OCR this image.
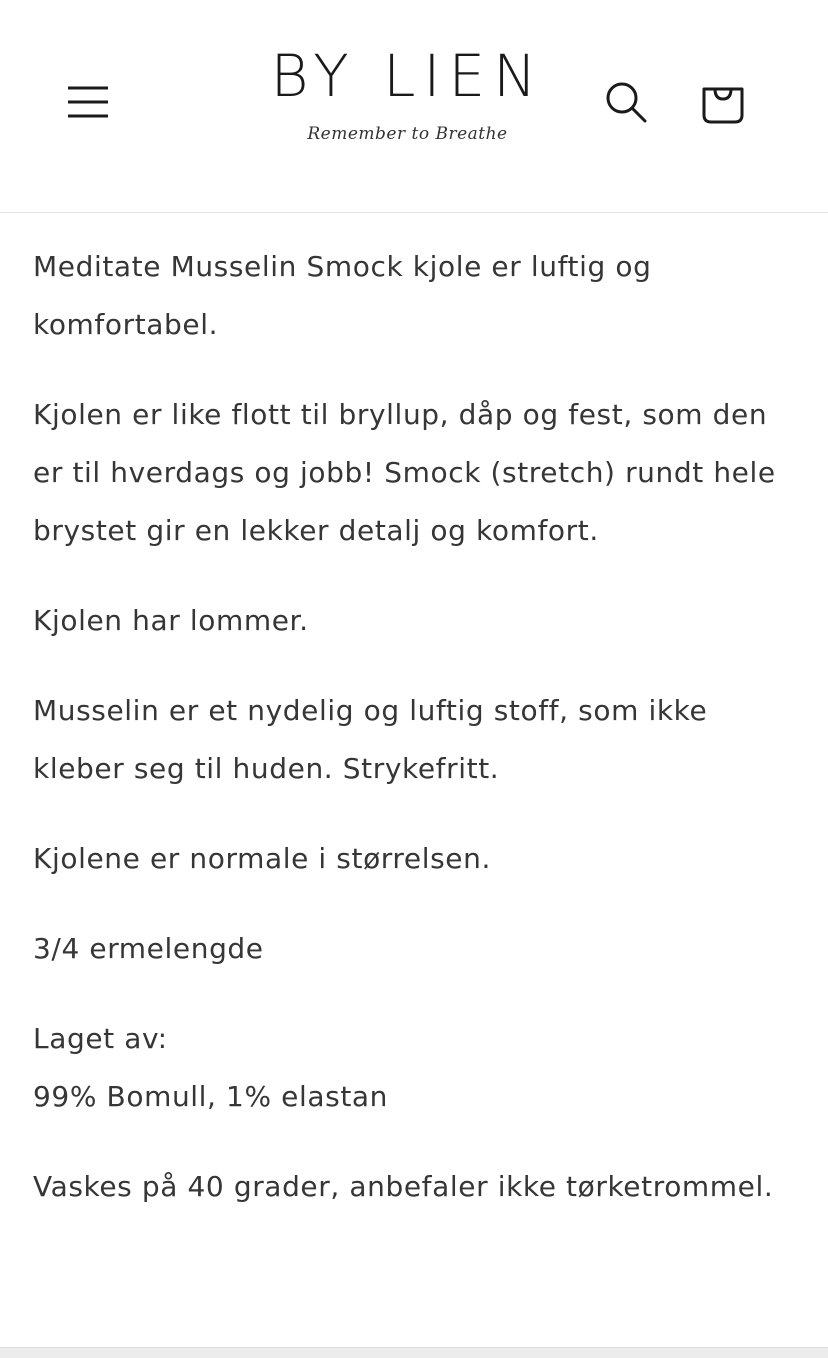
BY LIEN
Remember to Breathe

Meditate Musselin Smock kjole er luftig og komfortabel.

Kjolen er like flott til bryllup, dåp og fest, som den er til hverdags og jobb! Smock (stretch) rundt hele brystet gir en lekker detalj og komfort.

Kjolen har lommer.

Musselin er et nydelig og luftig stoff, som ikke kleber seg til huden. Strykefritt.

Kjolene er normale i størrelsen.

3/4 ermelengde

Laget av:
99% Bomull, 1% elastan

Vaskes på 40 grader, anbefaler ikke tørketrommel.
